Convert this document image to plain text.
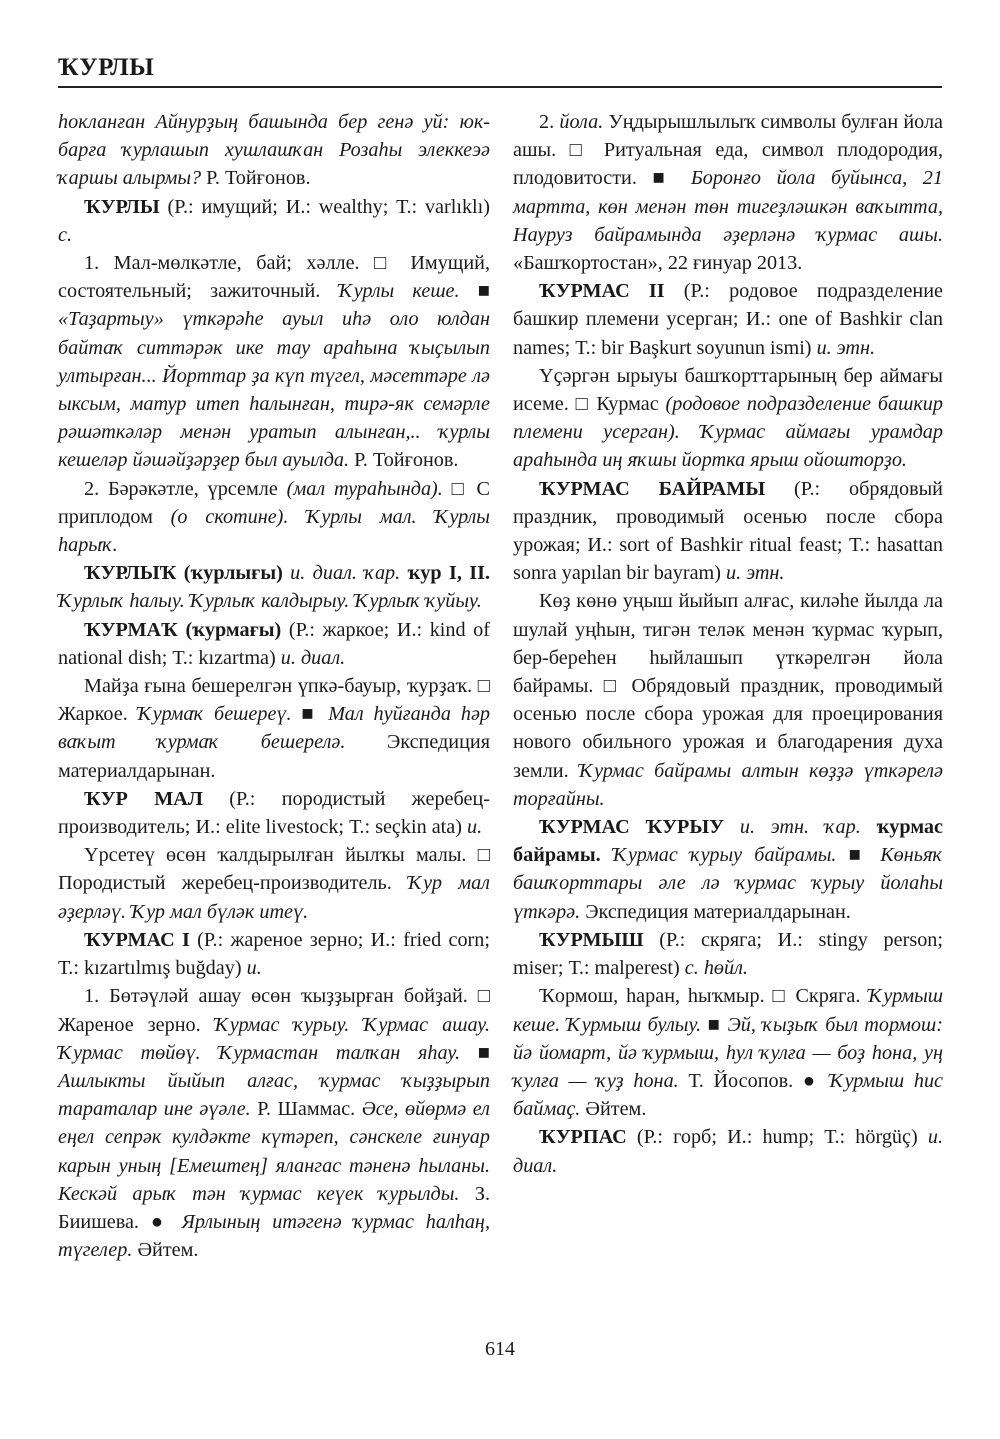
ҠУРЛЫ

һокланған Айнурҙың башында бер генә уй: юк-барға ҡурлашып хушлашҡан Розаһы элеккеэә ҡаршы алырмы? Р. Тойғонов.

ҠУРЛЫ (Р.: имущий; И.: wealthy; Т.: varlıklı) с.

1. Мал-мөлкәтле, бай; хәлле. □ Имущий, состоятельный; зажиточный. Ҡурлы кеше. ■ «Таҙартыу» үткәрәһе ауыл иһә оло юлдан байтаҡ ситтәрәк ике тау араһына ҡыҫылып ултырған... Йорттар ҙа күп түгел, мәсеттәре лә ыксым, матур итеп һалынған, тирә-як семәрле рәшәткәләр менән уратып алынған,.. ҡурлы кешеләр йәшәйҙәрҙер был ауылда. Р. Тойғонов.

2. Бәрәкәтле, үрсемле (мал тураһында). □ С приплодом (о скотине). Ҡурлы мал. Ҡурлы һарыҡ.

ҠУРЛЫҠ (ҡурлығы) и. диал. ҡар. ҡур I, II. Ҡурлыҡ һалыу. Ҡурлыҡ калдырыу. Ҡурлыҡ ҡуйыу.

ҠУРМАҠ (ҡурмағы) (Р.: жаркое; И.: kind of national dish; Т.: kızartma) и. диал.

Майҙа ғына бешерелгән үпкә-бауыр, ҡурҙаҡ. □ Жаркое. Ҡурмаҡ бешереү. ■ Мал һуйғанда һәр ваҡыт ҡурмаҡ бешерелә. Экспедиция материалдарынан.

ҠУР МАЛ (Р.: породистый жеребец-производитель; И.: elite livestock; Т.: seçkin ata) и.

Үрсетеү өсөн ҡалдырылған йылҡы малы. □ Породистый жеребец-производитель. Ҡур мал әҙерләү. Ҡур мал бүләк итеү.

ҠУРМАС I (Р.: жареное зерно; И.: fried corn; Т.: kızartılmış buğday) и.

1. Бөтәүләй ашау өсөн ҡыҙҙырған бойҙай. □ Жареное зерно. Ҡурмас ҡурыу. Ҡурмас ашау. Ҡурмас төйөү. Ҡурмастан талҡан яһау. ■ Ашлыкты йыйып алғас, ҡурмас ҡыҙҙырып тараталар ине әүәле. Р. Шаммас. Әсе, өйөрмә ел еңел сепрәк кулдәкте күтәреп, сәнскеле ғинуар карын уның [Емештең] ялангас тәненә һыланы. Кескәй арыҡ тән ҡурмас кеүек ҡурылды. З. Биишева. ● Ярлының итәгенә ҡурмас һалһаң, түгелер. Әйтем.

2. йола. Уңдырышлылыҡ символы булған йола ашы. □ Ритуальная еда, символ плодородия, плодовитости. ■ Боронғо йола буйынса, 21 мартта, көн менән төн тигеҙләшкән ваҡытта, Науруз байрамында әҙерләнә ҡурмас ашы. «Башҡортостан», 22 ғинуар 2013.

ҠУРМАС II (Р.: родовое подразделение башкир племени усерган; И.: one of Bashkir clan names; Т.: bir Başkurt soyunun ismi) и. этн.

Үҫәргән ырыуы башҡорттарының бер аймағы исеме. □ Курмас (родовое подразделение башкир племени усерган). Ҡурмас аймағы урамдар араһында иң яҡшы йортка ярыш ойошторҙо.

ҠУРМАС БАЙРАМЫ (Р.: обрядовый праздник, проводимый осенью после сбора урожая; И.: sort of Bashkir ritual feast; Т.: hasattan sonra yapılan bir bayram) и. этн.

Көҙ көнө уңыш йыйып алғас, киләһе йылда ла шулай уңһын, тигән теләк менән ҡурмас ҡурып, бер-береһен һыйлашып үткәрелгән йола байрамы. □ Обрядовый праздник, проводимый осенью после сбора урожая для проецирования нового обильного урожая и благодарения духа земли. Ҡурмас байрамы алтын көҙҙә үткәрелә торғайны.

ҠУРМАС ҠУРЫУ и. этн. ҡар. ҡурмас байрамы. Ҡурмас ҡурыу байрамы. ■ Көньяҡ башҡорттары әле лә ҡурмас ҡурыу йолаһы үткәрә. Экспедиция материалдарынан.

ҠУРМЫШ (Р.: скряга; И.: stingy person; miser; Т.: malperest) с. һөйл.

Ҡормош, һаран, һыҡмыр. □ Скряга. Ҡурмыш кеше. Ҡурмыш булыу. ■ Эй, ҡыҙыҡ был тормош: йә йомарт, йә ҡурмыш, һул ҡулға — боҙ һона, уң ҡулға — ҡуҙ һона. Т. Йосопов. ● Ҡурмыш һис баймаҫ. Әйтем.

ҠУРПАС (Р.: горб; И.: hump; Т.: hörgüç) и. диал.

614
